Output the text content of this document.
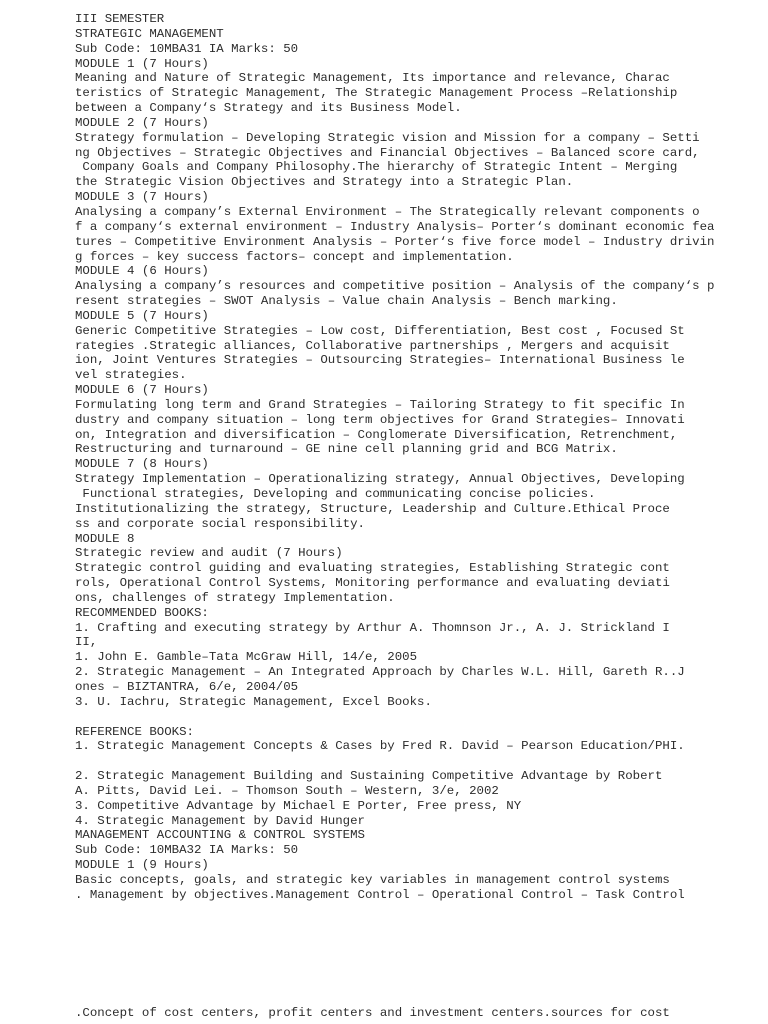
III SEMESTER
STRATEGIC MANAGEMENT
Sub Code: 10MBA31 IA Marks: 50
MODULE 1 (7 Hours)
Meaning and Nature of Strategic Management, Its importance and relevance, Charac
teristics of Strategic Management, The Strategic Management Process –Relationship
between a Company‘s Strategy and its Business Model.
MODULE 2 (7 Hours)
Strategy formulation – Developing Strategic vision and Mission for a company – Setti
ng Objectives – Strategic Objectives and Financial Objectives – Balanced score card,
Company Goals and Company Philosophy.The hierarchy of Strategic Intent – Merging
the Strategic Vision Objectives and Strategy into a Strategic Plan.
MODULE 3 (7 Hours)
Analysing a company’s External Environment – The Strategically relevant components o
f a company‘s external environment – Industry Analysis– Porter‘s dominant economic fea
tures – Competitive Environment Analysis – Porter‘s five force model – Industry drivin
g forces – key success factors– concept and implementation.
MODULE 4 (6 Hours)
Analysing a company’s resources and competitive position – Analysis of the company‘s p
resent strategies – SWOT Analysis – Value chain Analysis – Bench marking.
MODULE 5 (7 Hours)
Generic Competitive Strategies – Low cost, Differentiation, Best cost , Focused St
rategies .Strategic alliances, Collaborative partnerships , Mergers and acquisit
ion, Joint Ventures Strategies – Outsourcing Strategies– International Business le
vel strategies.
MODULE 6 (7 Hours)
Formulating long term and Grand Strategies – Tailoring Strategy to fit specific In
dustry and company situation – long term objectives for Grand Strategies– Innovati
on, Integration and diversification – Conglomerate Diversification, Retrenchment,
Restructuring and turnaround – GE nine cell planning grid and BCG Matrix.
MODULE 7 (8 Hours)
Strategy Implementation – Operationalizing strategy, Annual Objectives, Developing
Functional strategies, Developing and communicating concise policies.
Institutionalizing the strategy, Structure, Leadership and Culture.Ethical Proce
ss and corporate social responsibility.
MODULE 8
Strategic review and audit (7 Hours)
Strategic control guiding and evaluating strategies, Establishing Strategic cont
rols, Operational Control Systems, Monitoring performance and evaluating deviati
ons, challenges of strategy Implementation.
RECOMMENDED BOOKS:
1. Crafting and executing strategy by Arthur A. Thomnson Jr., A. J. Strickland I
II,
1. John E. Gamble–Tata McGraw Hill, 14/e, 2005
2. Strategic Management – An Integrated Approach by Charles W.L. Hill, Gareth R..J
ones – BIZTANTRA, 6/e, 2004/05
3. U. Iachru, Strategic Management, Excel Books.
REFERENCE BOOKS:
1. Strategic Management Concepts & Cases by Fred R. David – Pearson Education/PHI.
2. Strategic Management Building and Sustaining Competitive Advantage by Robert
A. Pitts, David Lei. – Thomson South – Western, 3/e, 2002
3. Competitive Advantage by Michael E Porter, Free press, NY
4. Strategic Management by David Hunger
MANAGEMENT ACCOUNTING & CONTROL SYSTEMS
Sub Code: 10MBA32 IA Marks: 50
MODULE 1 (9 Hours)
Basic concepts, goals, and strategic key variables in management control systems
. Management by objectives.Management Control – Operational Control – Task Control
.Concept of cost centers, profit centers and investment centers.sources for cost
